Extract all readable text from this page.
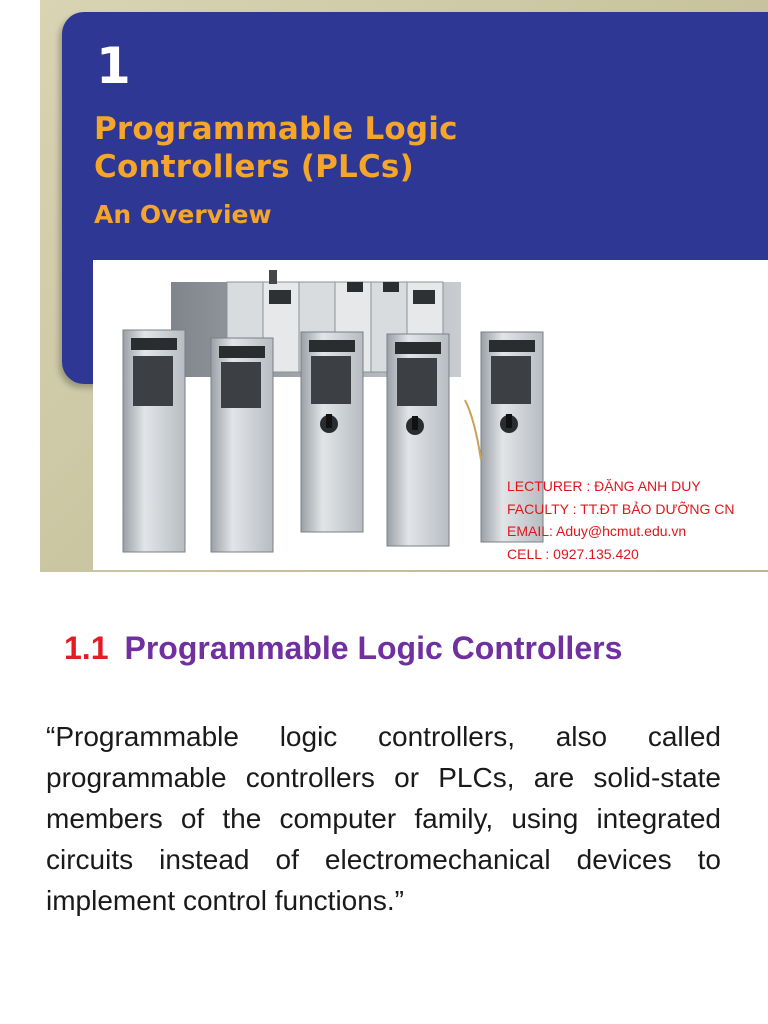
1
Programmable Logic
Controllers (PLCs)
An Overview
LECTURER : ĐẶNG ANH DUY
FACULTY : TT.ĐT BẢO DƯỠNG CN
EMAIL: Aduy@hcmut.edu.vn
CELL : 0927.135.420
1.1 Programmable Logic Controllers
“Programmable logic controllers, also called programmable controllers or PLCs, are solid-state members of the computer family, using integrated circuits instead of electromechanical devices to implement control functions.”
